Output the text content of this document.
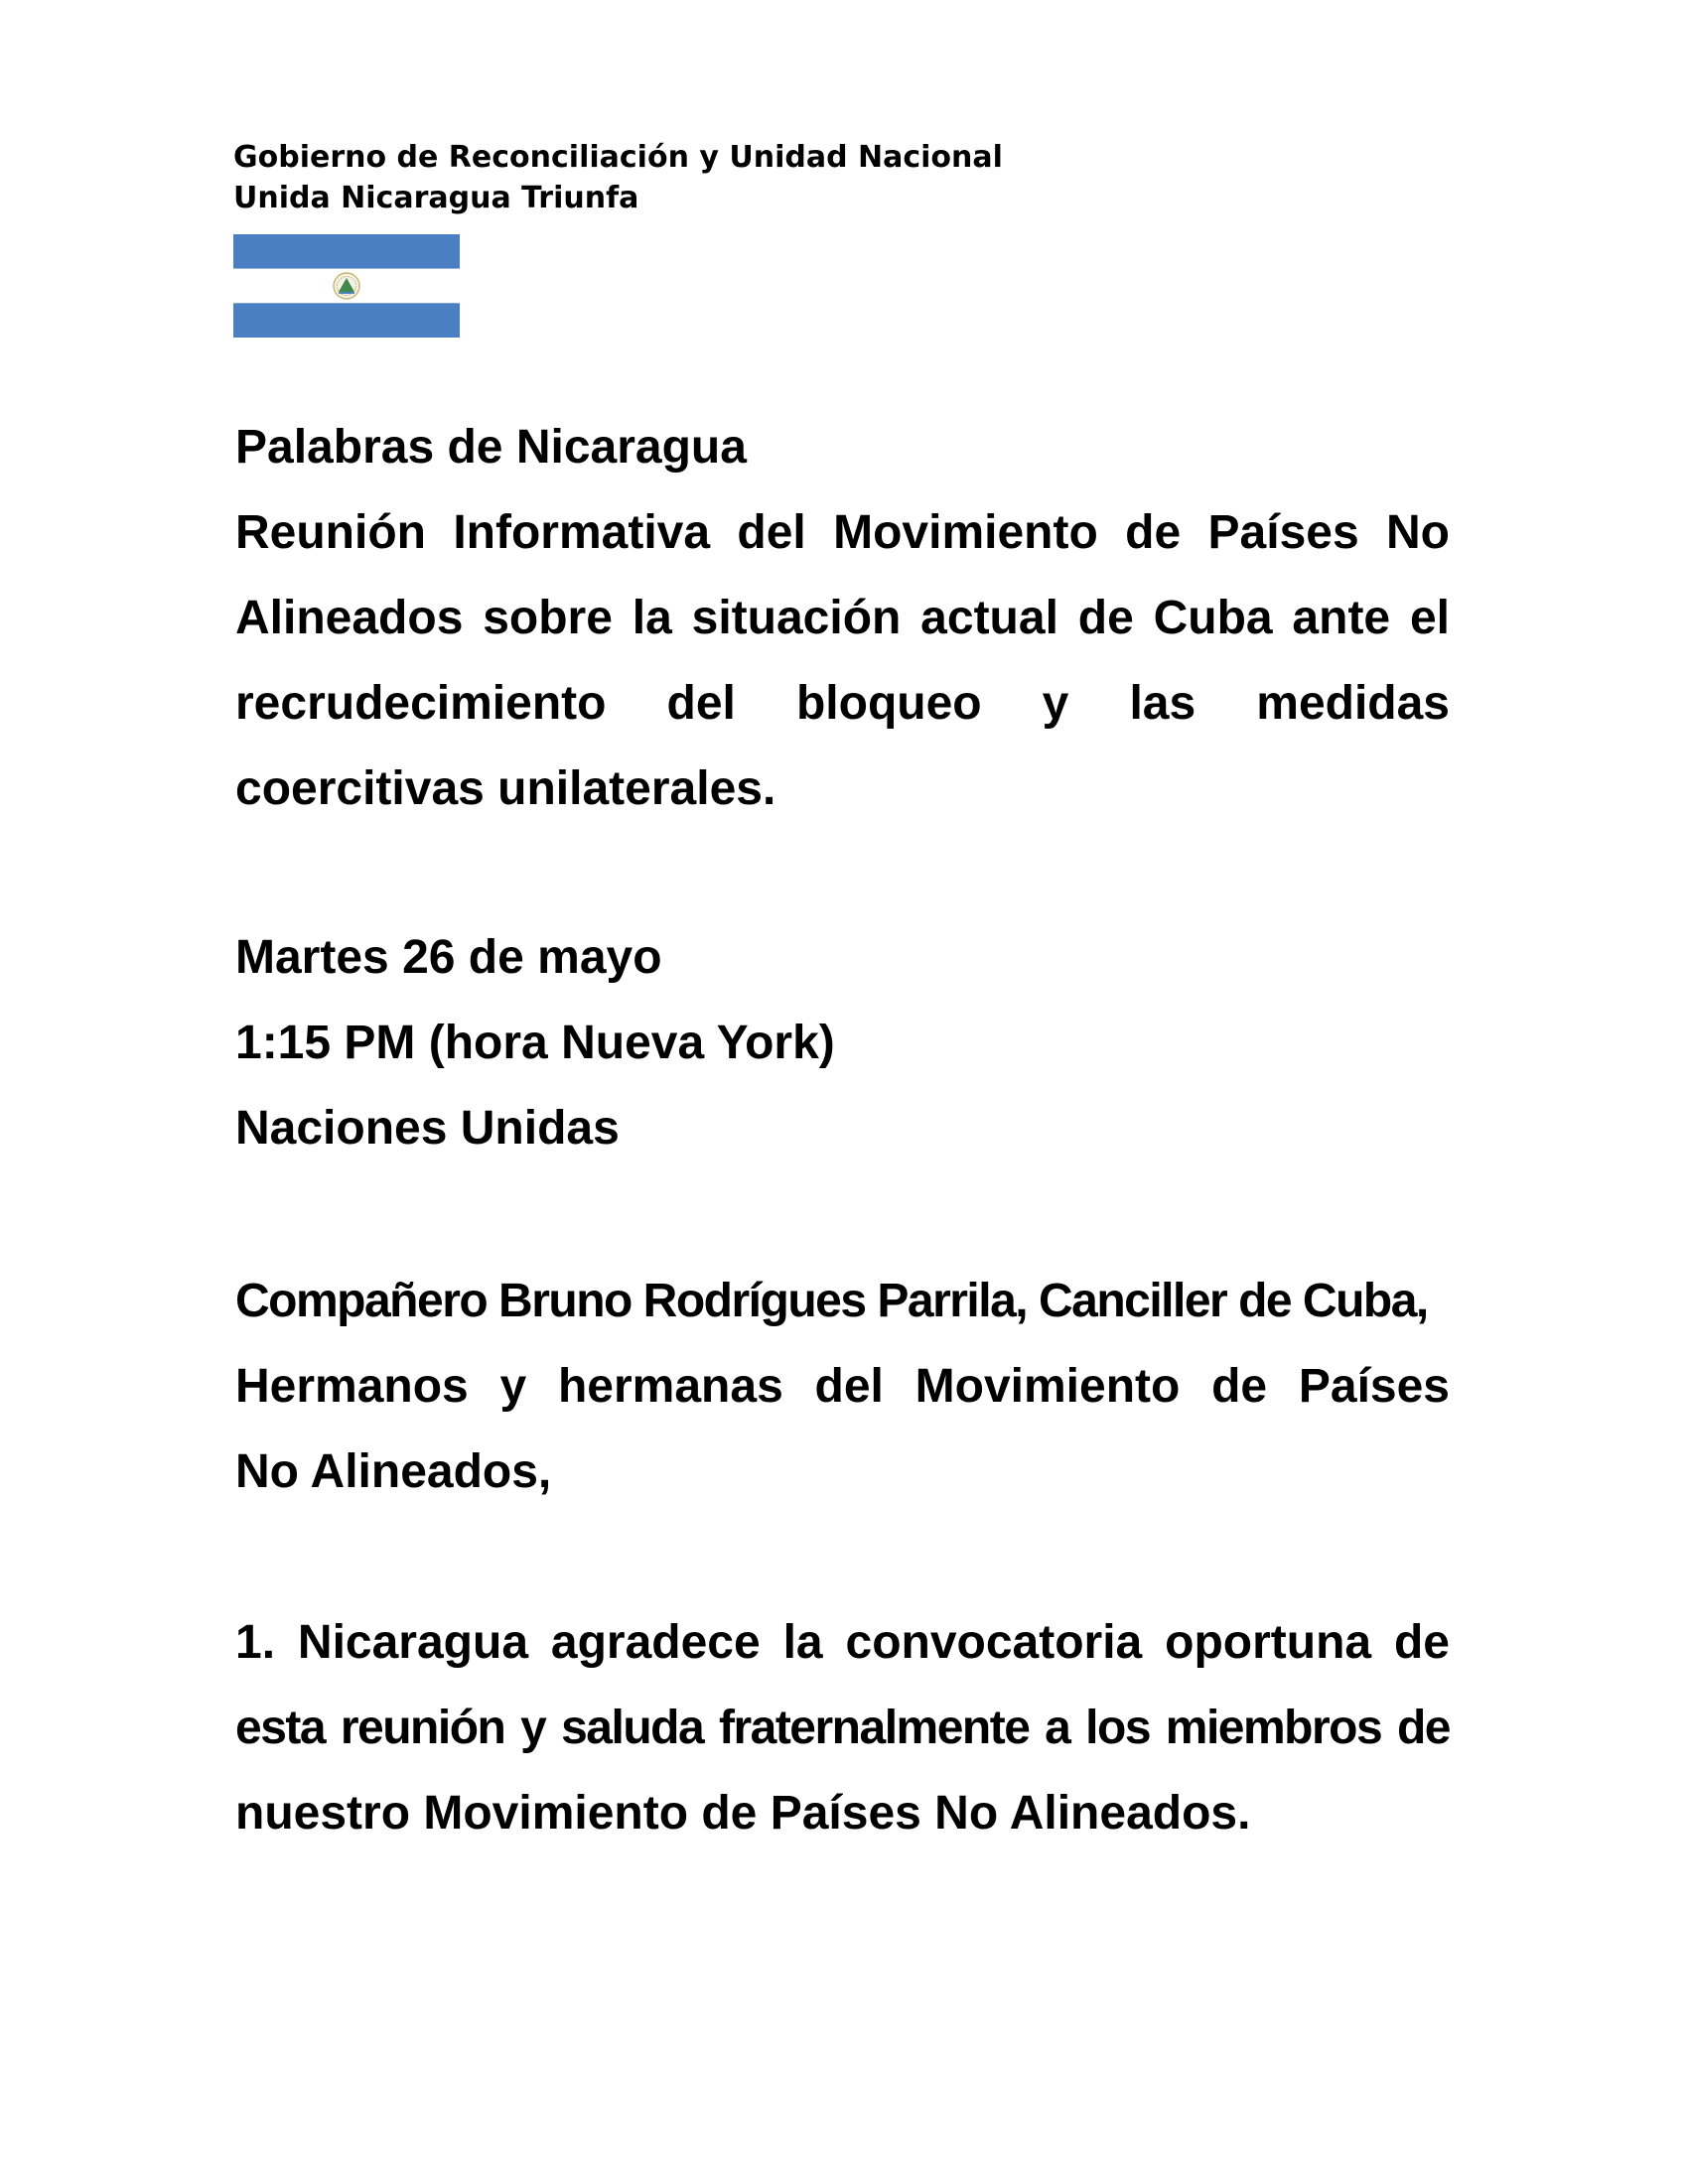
Gobierno de Reconciliación y Unidad Nacional
Unida Nicaragua Triunfa
Palabras de Nicaragua
Reunión Informativa del Movimiento de Países No
Alineados sobre la situación actual de Cuba ante el
recrudecimiento del bloqueo y las medidas
coercitivas unilaterales.
Martes 26 de mayo
1:15 PM (hora Nueva York)
Naciones Unidas
Compañero Bruno Rodrígues Parrila, Canciller de Cuba,
Hermanos y hermanas del Movimiento de Países
No Alineados,
1. Nicaragua agradece la convocatoria oportuna de
esta reunión y saluda fraternalmente a los miembros de
nuestro Movimiento de Países No Alineados.
